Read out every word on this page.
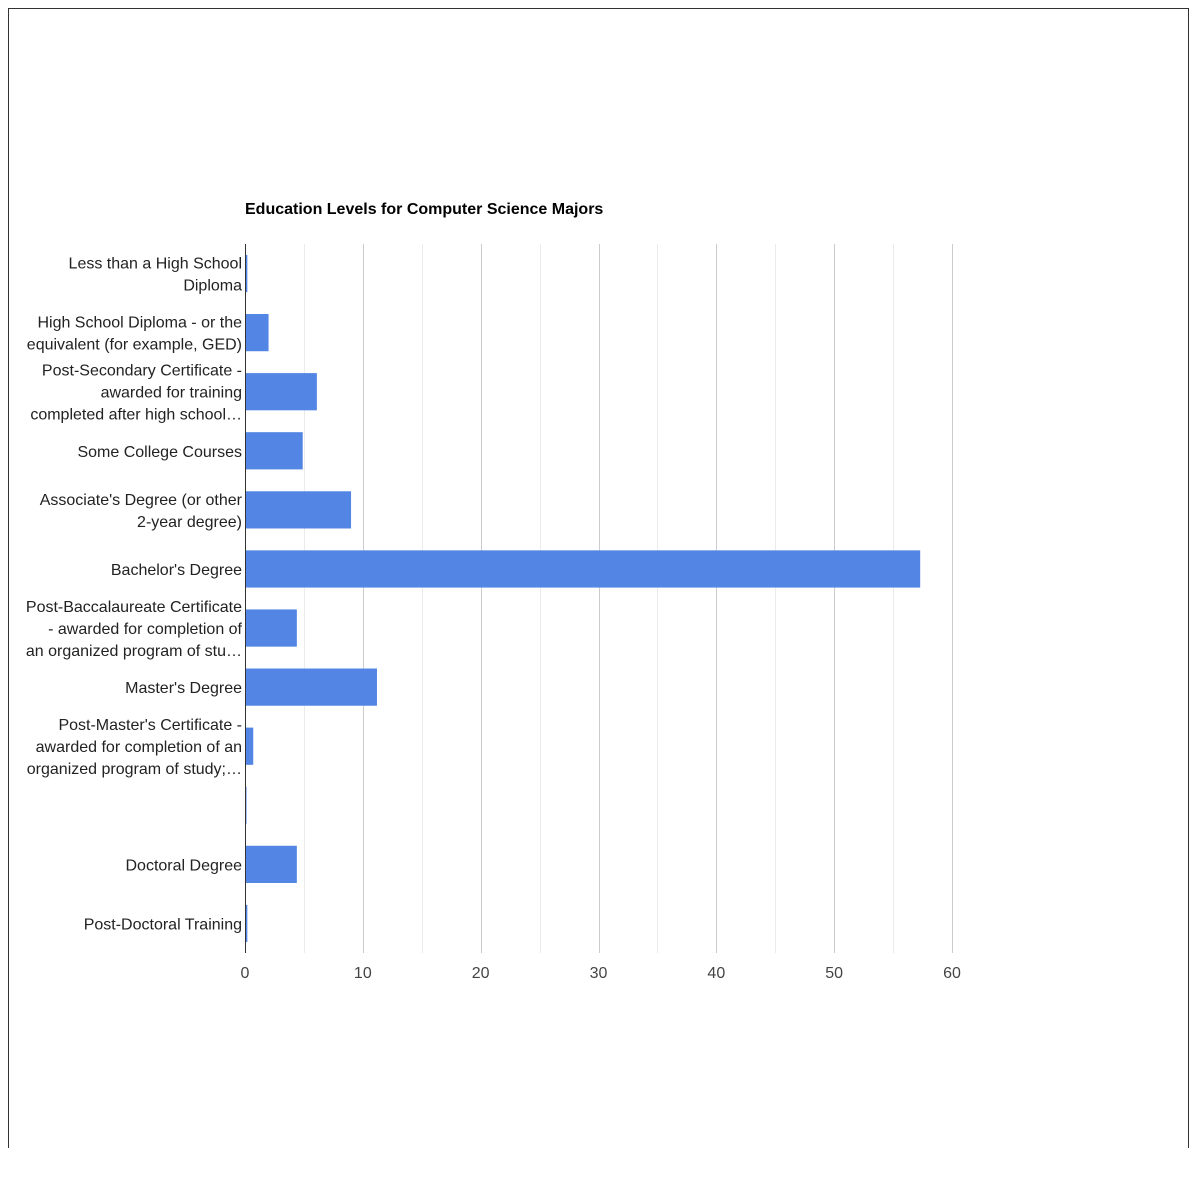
Education Levels for Computer Science Majors
Less than a High School
Diploma
High School Diploma - or the
equivalent (for example, GED)
Post-Secondary Certificate -
awarded for training
completed after high school…
Some College Courses
Associate's Degree (or other
2-year degree)
Bachelor's Degree
Post-Baccalaureate Certificate
- awarded for completion of
an organized program of stu…
Master's Degree
Post-Master's Certificate -
awarded for completion of an
organized program of study;…
Doctoral Degree
Post-Doctoral Training
0	10	20	30	40	50	60
